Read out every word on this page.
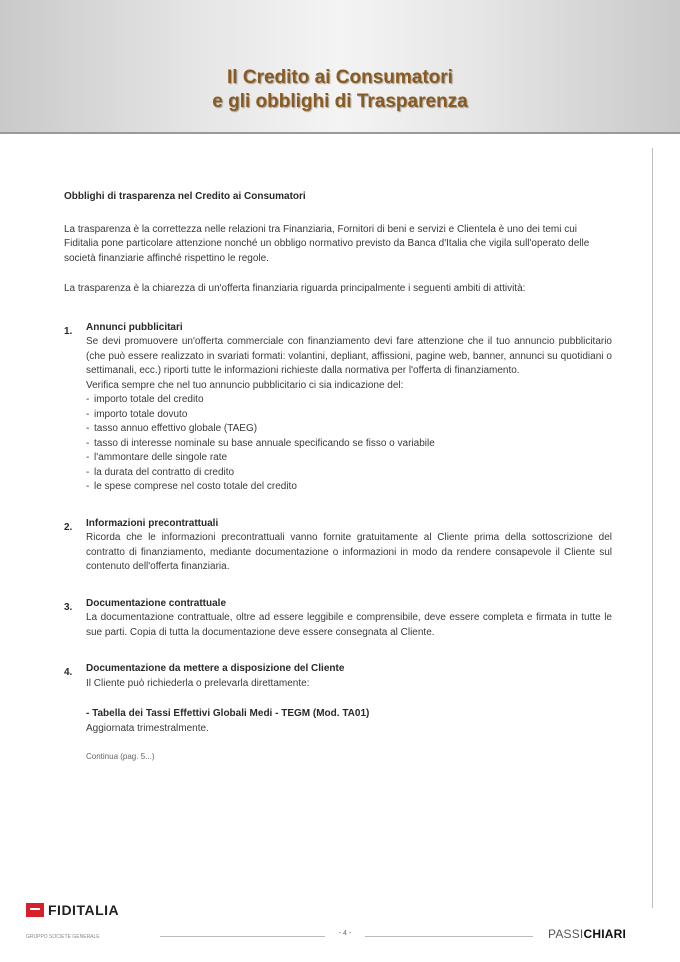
Il Credito ai Consumatori
e gli obblighi di Trasparenza
Obblighi di trasparenza nel Credito ai Consumatori

La trasparenza è la correttezza nelle relazioni tra Finanziaria, Fornitori di beni e servizi e Clientela è uno dei temi cui Fiditalia pone particolare attenzione nonché un obbligo normativo previsto da Banca d'Italia che vigila sull'operato delle società finanziarie affinché rispettino le regole.

La trasparenza è la chiarezza di un'offerta finanziaria riguarda principalmente i seguenti ambiti di attività:

1. Annunci pubblicitari

Se devi promuovere un'offerta commerciale con finanziamento devi fare attenzione che il tuo annuncio pubblicitario (che può essere realizzato in svariati formati: volantini, depliant, affissioni, pagine web, banner, annunci su quotidiani o settimanali, ecc.) riporti tutte le informazioni richieste dalla normativa per l'offerta di finanziamento.

Verifica sempre che nel tuo annuncio pubblicitario ci sia indicazione del:

- importo totale del credito
- importo totale dovuto
- tasso annuo effettivo globale (TAEG)
- tasso di interesse nominale su base annuale specificando se fisso o variabile
- l'ammontare delle singole rate
- la durata del contratto di credito
- le spese comprese nel costo totale del credito
2. Informazioni precontrattuali

Ricorda che le informazioni precontrattuali vanno fornite gratuitamente al Cliente prima della sottoscrizione del contratto di finanziamento, mediante documentazione o informazioni in modo da rendere consapevole il Cliente sul contenuto dell'offerta finanziaria.

3. Documentazione contrattuale

La documentazione contrattuale, oltre ad essere leggibile e comprensibile, deve essere completa e firmata in tutte le sue parti. Copia di tutta la documentazione deve essere consegnata al Cliente.

4. Documentazione da mettere a disposizione del Cliente

Il Cliente può richiederla o prelevarla direttamente:

- Tabella dei Tassi Effettivi Globali Medi - TEGM (Mod. TA01)

Aggiornata trimestralmente.

Continua (pag. 5...)
FIDITALIA
GRUPPO SOCIETE GENERALE	- 4 -	PASSICHIARI
